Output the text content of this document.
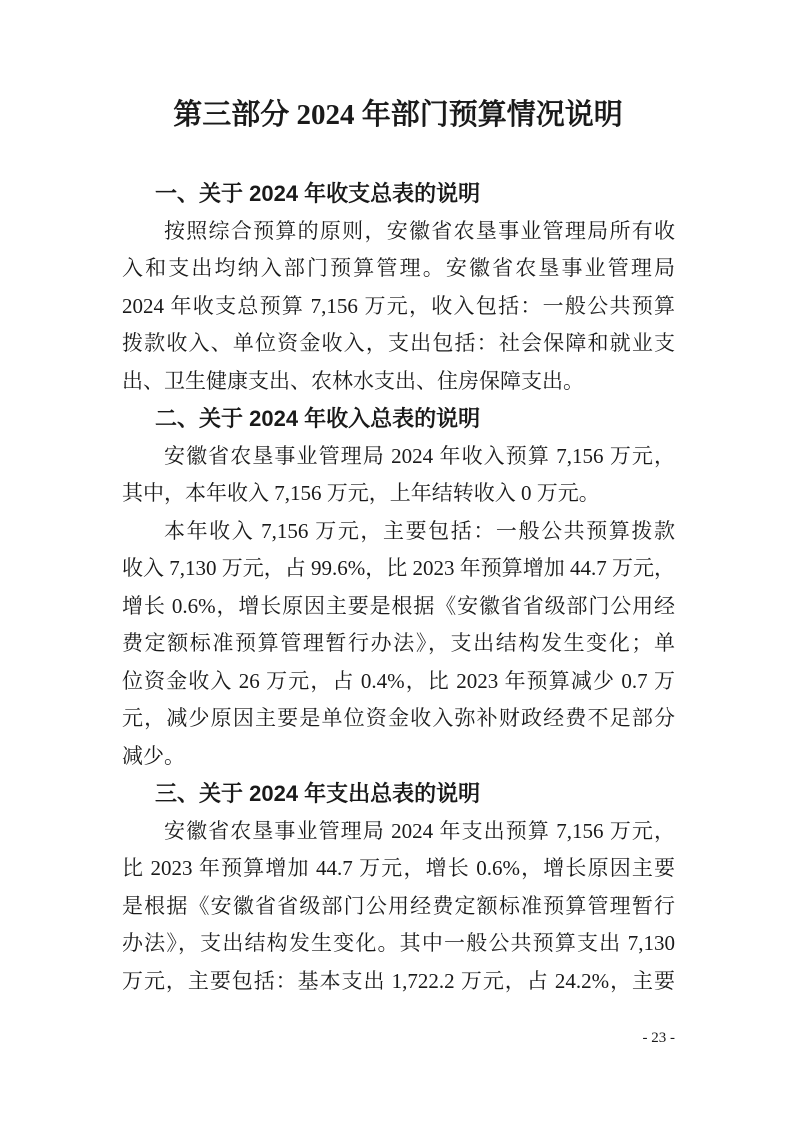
第三部分 2024 年部门预算情况说明
一、关于 2024 年收支总表的说明
按照综合预算的原则，安徽省农垦事业管理局所有收
入和支出均纳入部门预算管理。安徽省农垦事业管理局
2024 年收支总预算 7,156 万元，收入包括：一般公共预算
拨款收入、单位资金收入，支出包括：社会保障和就业支
出、卫生健康支出、农林水支出、住房保障支出。
二、关于 2024 年收入总表的说明
安徽省农垦事业管理局 2024 年收入预算 7,156 万元，
其中，本年收入 7,156 万元，上年结转收入 0 万元。
本年收入 7,156 万元，主要包括：一般公共预算拨款
收入 7,130 万元，占 99.6%，比 2023 年预算增加 44.7 万元，
增长 0.6%，增长原因主要是根据《安徽省省级部门公用经
费定额标准预算管理暂行办法》，支出结构发生变化；单
位资金收入 26 万元，占 0.4%，比 2023 年预算减少 0.7 万
元，减少原因主要是单位资金收入弥补财政经费不足部分
减少。
三、关于 2024 年支出总表的说明
安徽省农垦事业管理局 2024 年支出预算 7,156 万元，
比 2023 年预算增加 44.7 万元，增长 0.6%，增长原因主要
是根据《安徽省省级部门公用经费定额标准预算管理暂行
办法》，支出结构发生变化。其中一般公共预算支出 7,130
万元，主要包括：基本支出 1,722.2 万元，占 24.2%，主要
- 23 -
